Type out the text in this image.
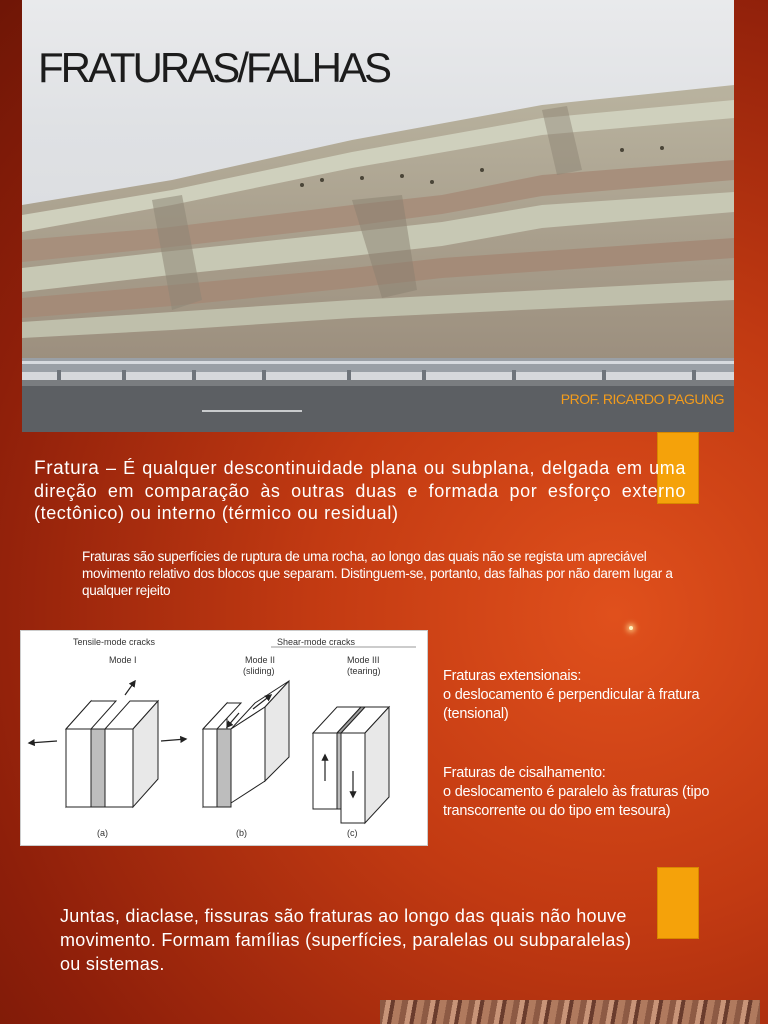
FRATURAS/FALHAS
PROF. RICARDO PAGUNG
Fratura – É qualquer descontinuidade plana ou subplana, delgada em uma direção em comparação às outras duas e formada por esforço externo (tectônico) ou interno (térmico ou residual)
Fraturas são superfícies de ruptura de uma rocha, ao longo das quais não se regista um apreciável movimento relativo dos blocos que separam. Distinguem-se, portanto, das falhas por não darem lugar a qualquer rejeito
Tensile-mode cracks	Shear-mode cracks
Mode I	Mode II
(sliding)
Mode III
(tearing)
(a)	(b)	(c)

Fraturas extensionais:

o deslocamento é perpendicular à fratura (tensional)

Fraturas de cisalhamento:

o deslocamento é paralelo às fraturas (tipo transcorrente ou do tipo em tesoura)

Juntas, diaclase, fissuras são fraturas ao longo das quais não houve movimento. Formam famílias (superfícies, paralelas ou subparalelas) ou sistemas.
